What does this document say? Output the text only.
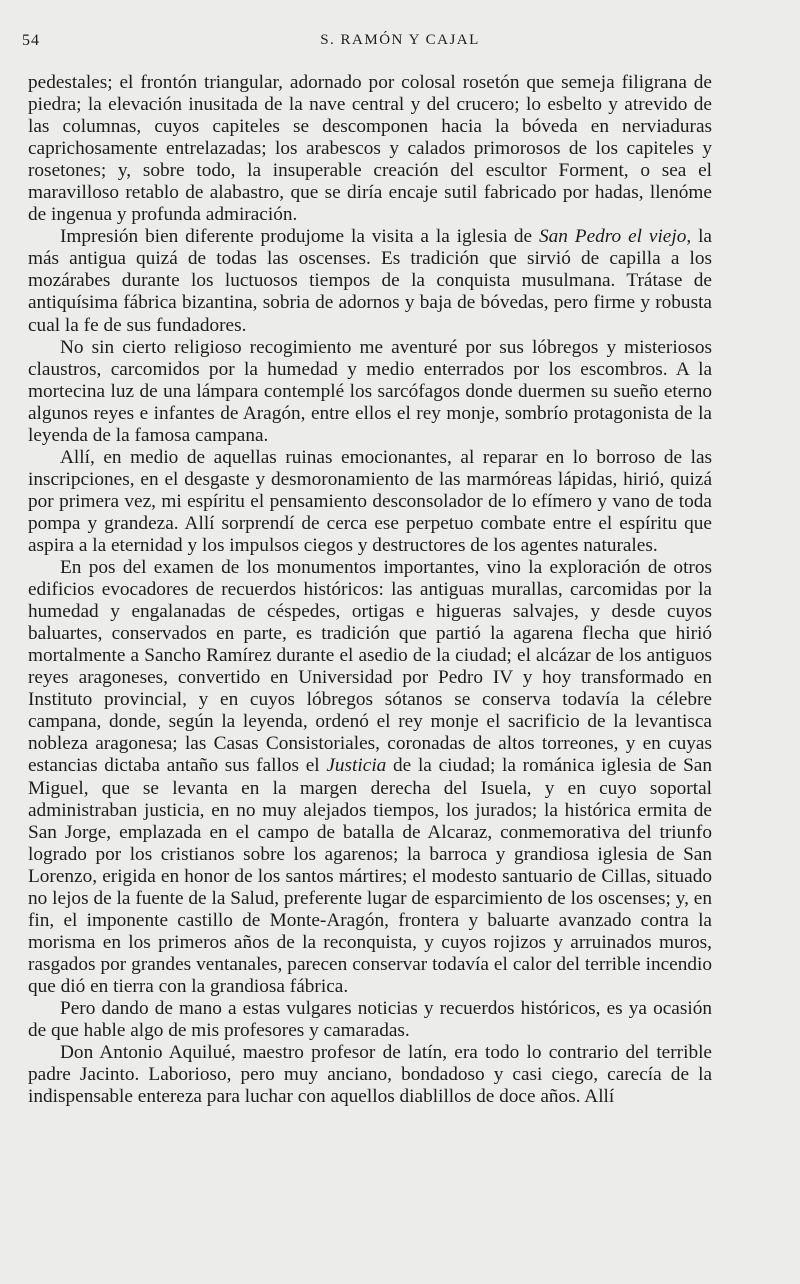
54	S. RAMÓN Y CAJAL

pedestales; el frontón triangular, adornado por colosal rosetón que semeja filigrana de piedra; la elevación inusitada de la nave central y del crucero; lo esbelto y atrevido de las columnas, cuyos capiteles se descomponen hacia la bóveda en nerviaduras caprichosamente entrelazadas; los arabescos y calados primorosos de los capiteles y rosetones; y, sobre todo, la insuperable creación del escultor Forment, o sea el maravilloso retablo de alabastro, que se diría encaje sutil fabricado por hadas, llenóme de ingenua y profunda admiración.

Impresión bien diferente produjome la visita a la iglesia de San Pedro el viejo, la más antigua quizá de todas las oscenses. Es tradición que sirvió de capilla a los mozárabes durante los luctuosos tiempos de la conquista musulmana. Trátase de antiquísima fábrica bizantina, sobria de adornos y baja de bóvedas, pero firme y robusta cual la fe de sus fundadores.

No sin cierto religioso recogimiento me aventuré por sus lóbregos y misteriosos claustros, carcomidos por la humedad y medio enterrados por los escombros. A la mortecina luz de una lámpara contemplé los sarcófagos donde duermen su sueño eterno algunos reyes e infantes de Aragón, entre ellos el rey monje, sombrío protagonista de la leyenda de la famosa campana.

Allí, en medio de aquellas ruinas emocionantes, al reparar en lo borroso de las inscripciones, en el desgaste y desmoronamiento de las marmóreas lápidas, hirió, quizá por primera vez, mi espíritu el pensamiento desconsolador de lo efímero y vano de toda pompa y grandeza. Allí sorprendí de cerca ese perpetuo combate entre el espíritu que aspira a la eternidad y los impulsos ciegos y destructores de los agentes naturales.

En pos del examen de los monumentos importantes, vino la exploración de otros edificios evocadores de recuerdos históricos: las antiguas murallas, carcomidas por la humedad y engalanadas de céspedes, ortigas e higueras salvajes, y desde cuyos baluartes, conservados en parte, es tradición que partió la agarena flecha que hirió mortalmente a Sancho Ramírez durante el asedio de la ciudad; el alcázar de los antiguos reyes aragoneses, convertido en Universidad por Pedro IV y hoy transformado en Instituto provincial, y en cuyos lóbregos sótanos se conserva todavía la célebre campana, donde, según la leyenda, ordenó el rey monje el sacrificio de la levantisca nobleza aragonesa; las Casas Consistoriales, coronadas de altos torreones, y en cuyas estancias dictaba antaño sus fallos el Justicia de la ciudad; la románica iglesia de San Miguel, que se levanta en la margen derecha del Isuela, y en cuyo soportal administraban justicia, en no muy alejados tiempos, los jurados; la histórica ermita de San Jorge, emplazada en el campo de batalla de Alcaraz, conmemorativa del triunfo logrado por los cristianos sobre los agarenos; la barroca y grandiosa iglesia de San Lorenzo, erigida en honor de los santos mártires; el modesto santuario de Cillas, situado no lejos de la fuente de la Salud, preferente lugar de esparcimiento de los oscenses; y, en fin, el imponente castillo de Monte-Aragón, frontera y baluarte avanzado contra la morisma en los primeros años de la reconquista, y cuyos rojizos y arruinados muros, rasgados por grandes ventanales, parecen conservar todavía el calor del terrible incendio que dió en tierra con la grandiosa fábrica.

Pero dando de mano a estas vulgares noticias y recuerdos históricos, es ya ocasión de que hable algo de mis profesores y camaradas.

Don Antonio Aquilué, maestro profesor de latín, era todo lo contrario del terrible padre Jacinto. Laborioso, pero muy anciano, bondadoso y casi ciego, carecía de la indispensable entereza para luchar con aquellos diablillos de doce años. Allí
